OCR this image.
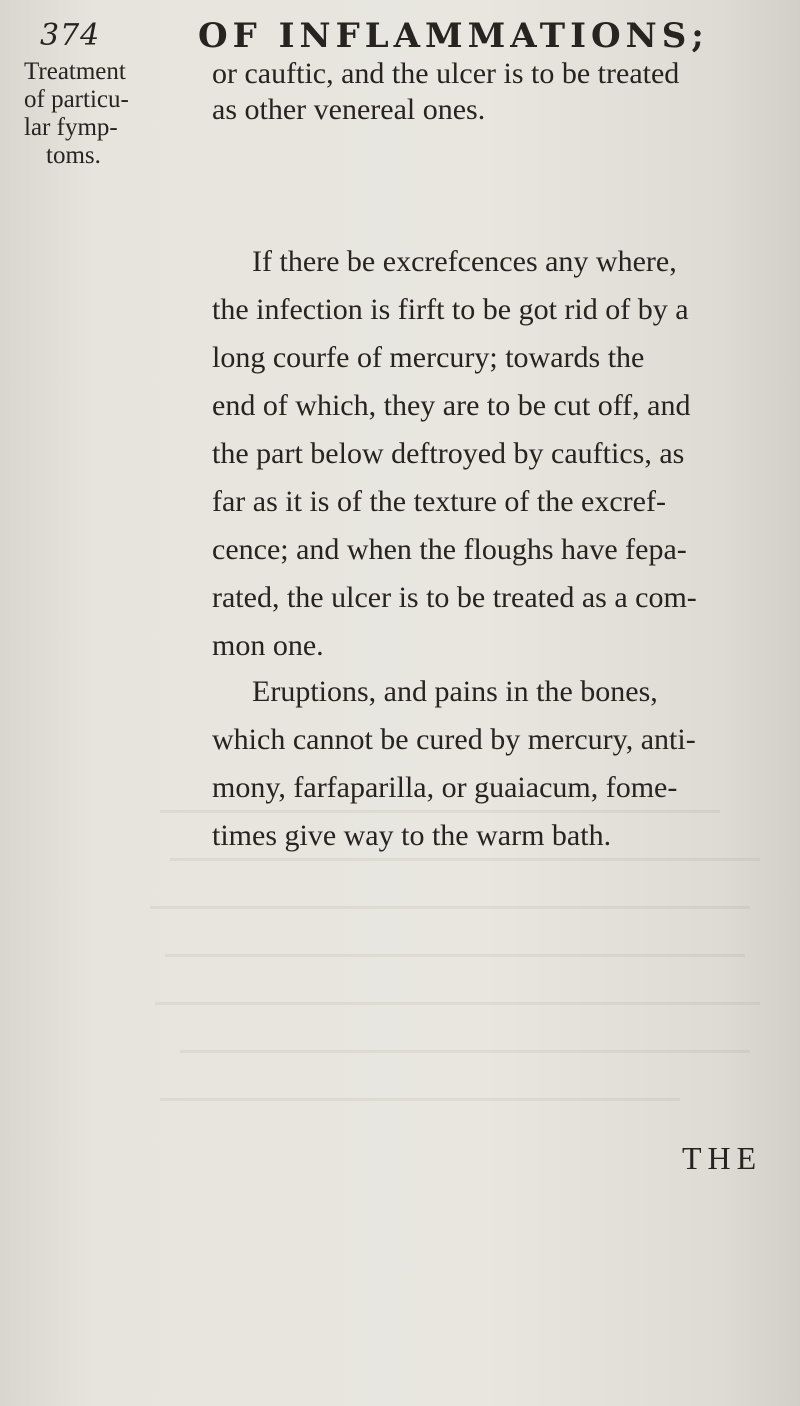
374	OF INFLAMMATIONS;
Treatment
of particu-
lar fymp-
toms.
or cauftic, and the ulcer is to be treated
as other venereal ones.
If there be excrefcences any where,
the infection is firft to be got rid of by a
long courfe of mercury; towards the
end of which, they are to be cut off, and
the part below deftroyed by cauftics, as
far as it is of the texture of the excref-
cence; and when the floughs have fepa-
rated, the ulcer is to be treated as a com-
mon one.
Eruptions, and pains in the bones,
which cannot be cured by mercury, anti-
mony, farfaparilla, or guaiacum, fome-
times give way to the warm bath.
THE
